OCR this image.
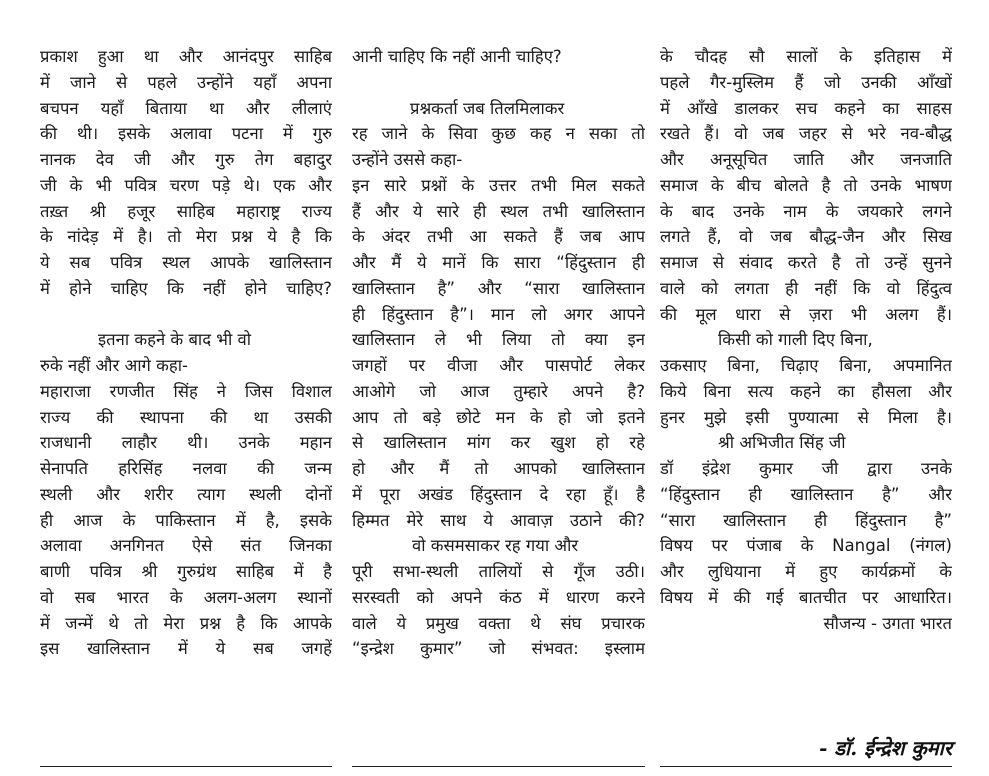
प्रकाश हुआ था और आनंदपुर साहिब
में जाने से पहले उन्होंने यहाँ अपना
बचपन यहाँ बिताया था और लीलाएं
की थी। इसके अलावा पटना में गुरु
नानक देव जी और गुरु तेग बहादुर
जी के भी पवित्र चरण पड़े थे। एक और
तख़्त श्री हजूर साहिब महाराष्ट्र राज्य
के नांदेड़ में है। तो मेरा प्रश्न ये है कि
ये सब पवित्र स्थल आपके खालिस्तान
में होने चाहिए कि नहीं होने चाहिए?
इतना कहने के बाद भी वो
रुके नहीं और आगे कहा-
महाराजा रणजीत सिंह ने जिस विशाल
राज्य की स्थापना की था उसकी
राजधानी लाहौर थी। उनके महान
सेनापति हरिसिंह नलवा की जन्म
स्थली और शरीर त्याग स्थली दोनों
ही आज के पाकिस्तान में है, इसके
अलावा अनगिनत ऐसे संत जिनका
बाणी पवित्र श्री गुरुग्रंथ साहिब में है
वो सब भारत के अलग-अलग स्थानों
में जन्में थे तो मेरा प्रश्न है कि आपके
इस खालिस्तान में ये सब जगहें
आनी चाहिए कि नहीं आनी चाहिए?
प्रश्नकर्ता जब तिलमिलाकर
रह जाने के सिवा कुछ कह न सका तो
उन्होंने उससे कहा-
इन सारे प्रश्नों के उत्तर तभी मिल सकते
हैं और ये सारे ही स्थल तभी खालिस्तान
के अंदर तभी आ सकते हैं जब आप
और मैं ये मानें कि सारा “हिंदुस्तान ही
खालिस्तान है” और “सारा खालिस्तान
ही हिंदुस्तान है”। मान लो अगर आपने
खालिस्तान ले भी लिया तो क्या इन
जगहों पर वीजा और पासपोर्ट लेकर
आओगे जो आज तुम्हारे अपने है?
आप तो बड़े छोटे मन के हो जो इतने
से खालिस्तान मांग कर खुश हो रहे
हो और मैं तो आपको खालिस्तान
में पूरा अखंड हिंदुस्तान दे रहा हूँ। है
हिम्मत मेरे साथ ये आवाज़ उठाने की?
वो कसमसाकर रह गया और
पूरी सभा-स्थली तालियों से गूँज उठी।
सरस्वती को अपने कंठ में धारण करने
वाले ये प्रमुख वक्ता थे संघ प्रचारक
“इन्द्रेश कुमार” जो संभवत: इस्लाम
के चौदह सौ सालों के इतिहास में
पहले गैर-मुस्लिम हैं जो उनकी आँखों
में आँखे डालकर सच कहने का साहस
रखते हैं। वो जब जहर से भरे नव-बौद्ध
और अनूसूचित जाति और जनजाति
समाज के बीच बोलते है तो उनके भाषण
के बाद उनके नाम के जयकारे लगने
लगते हैं, वो जब बौद्ध-जैन और सिख
समाज से संवाद करते है तो उन्हें सुनने
वाले को लगता ही नहीं कि वो हिंदुत्व
की मूल धारा से ज़रा भी अलग हैं।
किसी को गाली दिए बिना,
उकसाए बिना, चिढ़ाए बिना, अपमानित
किये बिना सत्य कहने का हौसला और
हुनर मुझे इसी पुण्यात्मा से मिला है।
श्री अभिजीत सिंह जी
डॉ इंद्रेश कुमार जी द्वारा उनके
“हिंदुस्तान ही खालिस्तान है” और
“सारा खालिस्तान ही हिंदुस्तान है”
विषय पर पंजाब के Nangal (नंगल)
और लुधियाना में हुए कार्यक्रमों के
विषय में की गई बातचीत पर आधारित।
सौजन्य - उगता भारत
- डॉ. ईन्द्रेश कुमार
